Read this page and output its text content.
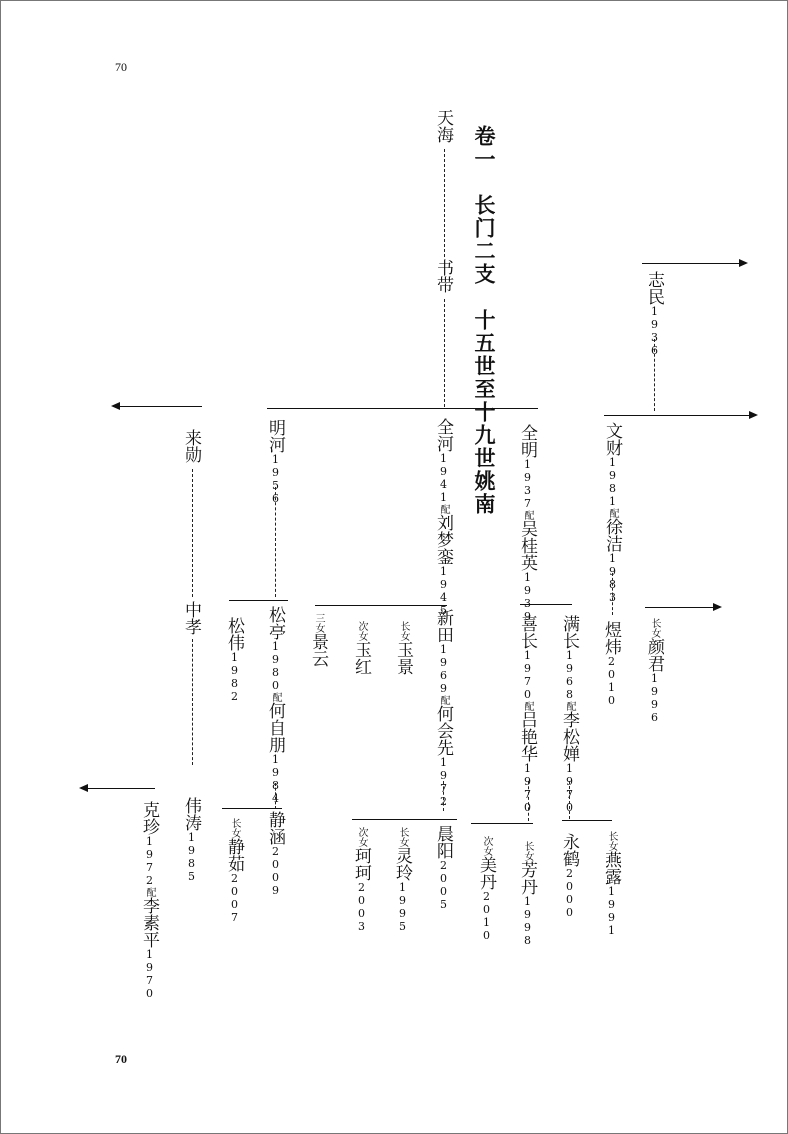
70
70
卷一　长门二支　十五世至十九世姚南
天海
书带	志民1936
来勋	明河1956
全河1941配刘梦銮1945
全明1937配吴桂英1939
文财1981配徐洁1983
中孝 松伟1982
松亭1980配何自朋1984
三女景云
次女玉红
长女玉景
新田1969配何会先1972
喜长1970配吕艳华1970
满长1968配李松婵1970
煜炜2010
长女颜君1996
克珍1972配李素平1970
伟涛1985
长女静茹2007
静涵2009
次女珂珂2003
长女灵玲1995
晨阳2005
次女美丹2010
长女芳丹1998
永鹤2000
长女燕露1991
